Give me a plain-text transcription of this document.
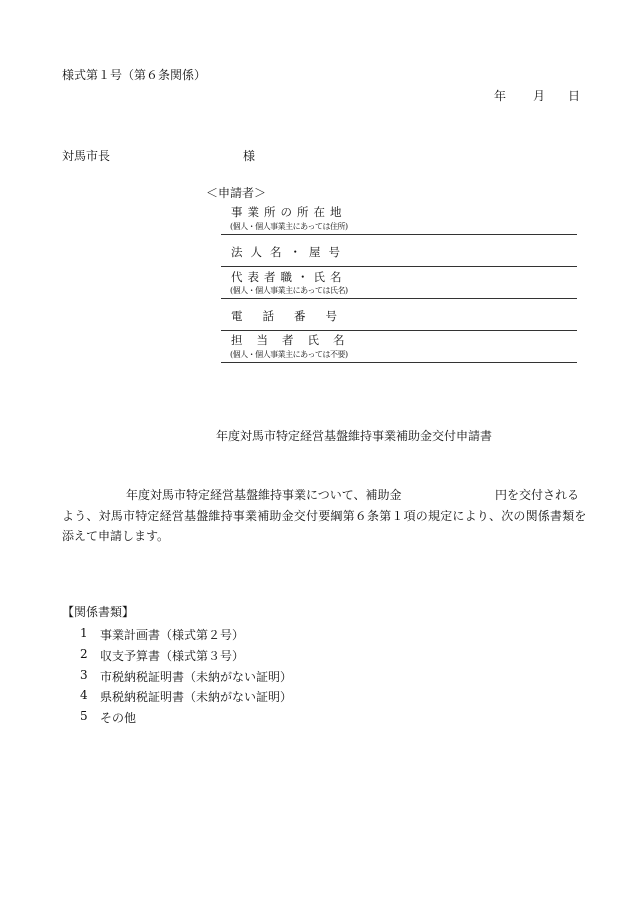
様式第１号（第６条関係）
年 月 日
対馬市長	様
＜申請者＞
事業所の所在地
(個人・個人事業主にあっては住所)
法人名・屋号
代表者職・氏名
(個人・個人事業主にあっては氏名)
電話番号
担当者氏名
(個人・個人事業主にあっては不要)
年度対馬市特定経営基盤維持事業補助金交付申請書
年度対馬市特定経営基盤維持事業について、補助金	円を交付される
よう、対馬市特定経営基盤維持事業補助金交付要綱第６条第１項の規定により、次の関係書類を
添えて申請します。
【関係書類】
1 事業計画書（様式第２号）
2 収支予算書（様式第３号）
3 市税納税証明書（未納がない証明）
4 県税納税証明書（未納がない証明）
5 その他
